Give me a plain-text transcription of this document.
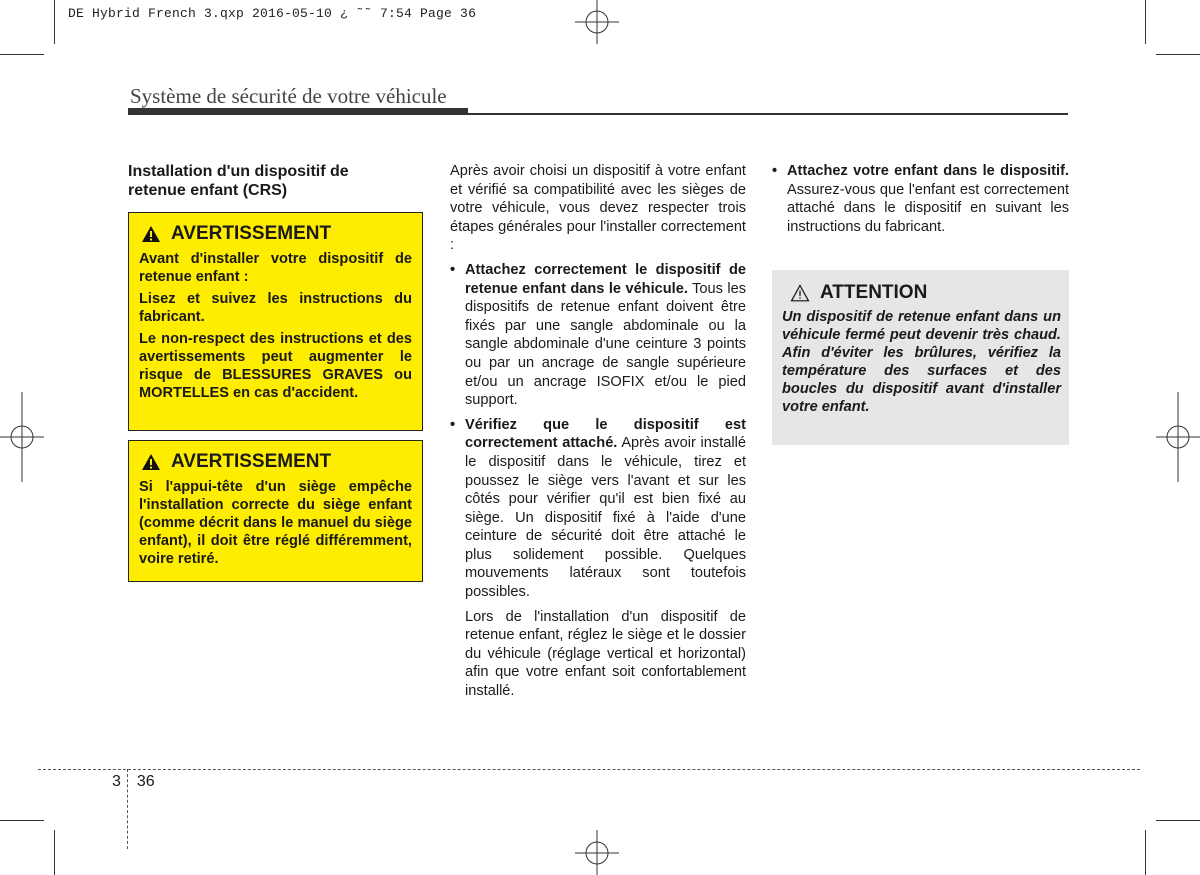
DE Hybrid French 3.qxp 2016-05-10 ¿ ˜˜ 7:54 Page 36
Système de sécurité de votre véhicule
Installation d'un dispositif de
retenue enfant (CRS)
AVERTISSEMENT

Avant d'installer votre dispositif de retenue enfant :

Lisez et suivez les instructions du fabricant.

Le non-respect des instructions et des avertissements peut augmenter le risque de BLESSURES GRAVES ou MORTELLES en cas d'accident.

AVERTISSEMENT

Si l'appui-tête d'un siège empêche l'installation correcte du siège enfant (comme décrit dans le manuel du siège enfant), il doit être réglé différemment, voire retiré.

Après avoir choisi un dispositif à votre enfant et vérifié sa compatibilité avec les sièges de votre véhicule, vous devez respecter trois étapes générales pour l'installer correctement :
• Attachez correctement le dispositif de retenue enfant dans le véhicule. Tous les dispositifs de retenue enfant doivent être fixés par une sangle abdominale ou la sangle abdominale d'une ceinture 3 points ou par un ancrage de sangle supérieure et/ou un ancrage ISOFIX et/ou le pied support.
• Vérifiez que le dispositif est correctement attaché. Après avoir installé le dispositif dans le véhicule, tirez et poussez le siège vers l'avant et sur les côtés pour vérifier qu'il est bien fixé au siège. Un dispositif fixé à l'aide d'une ceinture de sécurité doit être attaché le plus solidement possible. Quelques mouvements latéraux sont toutefois possibles.
Lors de l'installation d'un dispositif de retenue enfant, réglez le siège et le dossier du véhicule (réglage vertical et horizontal) afin que votre enfant soit confortablement installé.
• Attachez votre enfant dans le dispositif. Assurez-vous que l'enfant est correctement attaché dans le dispositif en suivant les instructions du fabricant.
ATTENTION
Un dispositif de retenue enfant dans un véhicule fermé peut devenir très chaud. Afin d'éviter les brûlures, vérifiez la température des surfaces et des boucles du dispositif avant d'installer votre enfant.
3 36
